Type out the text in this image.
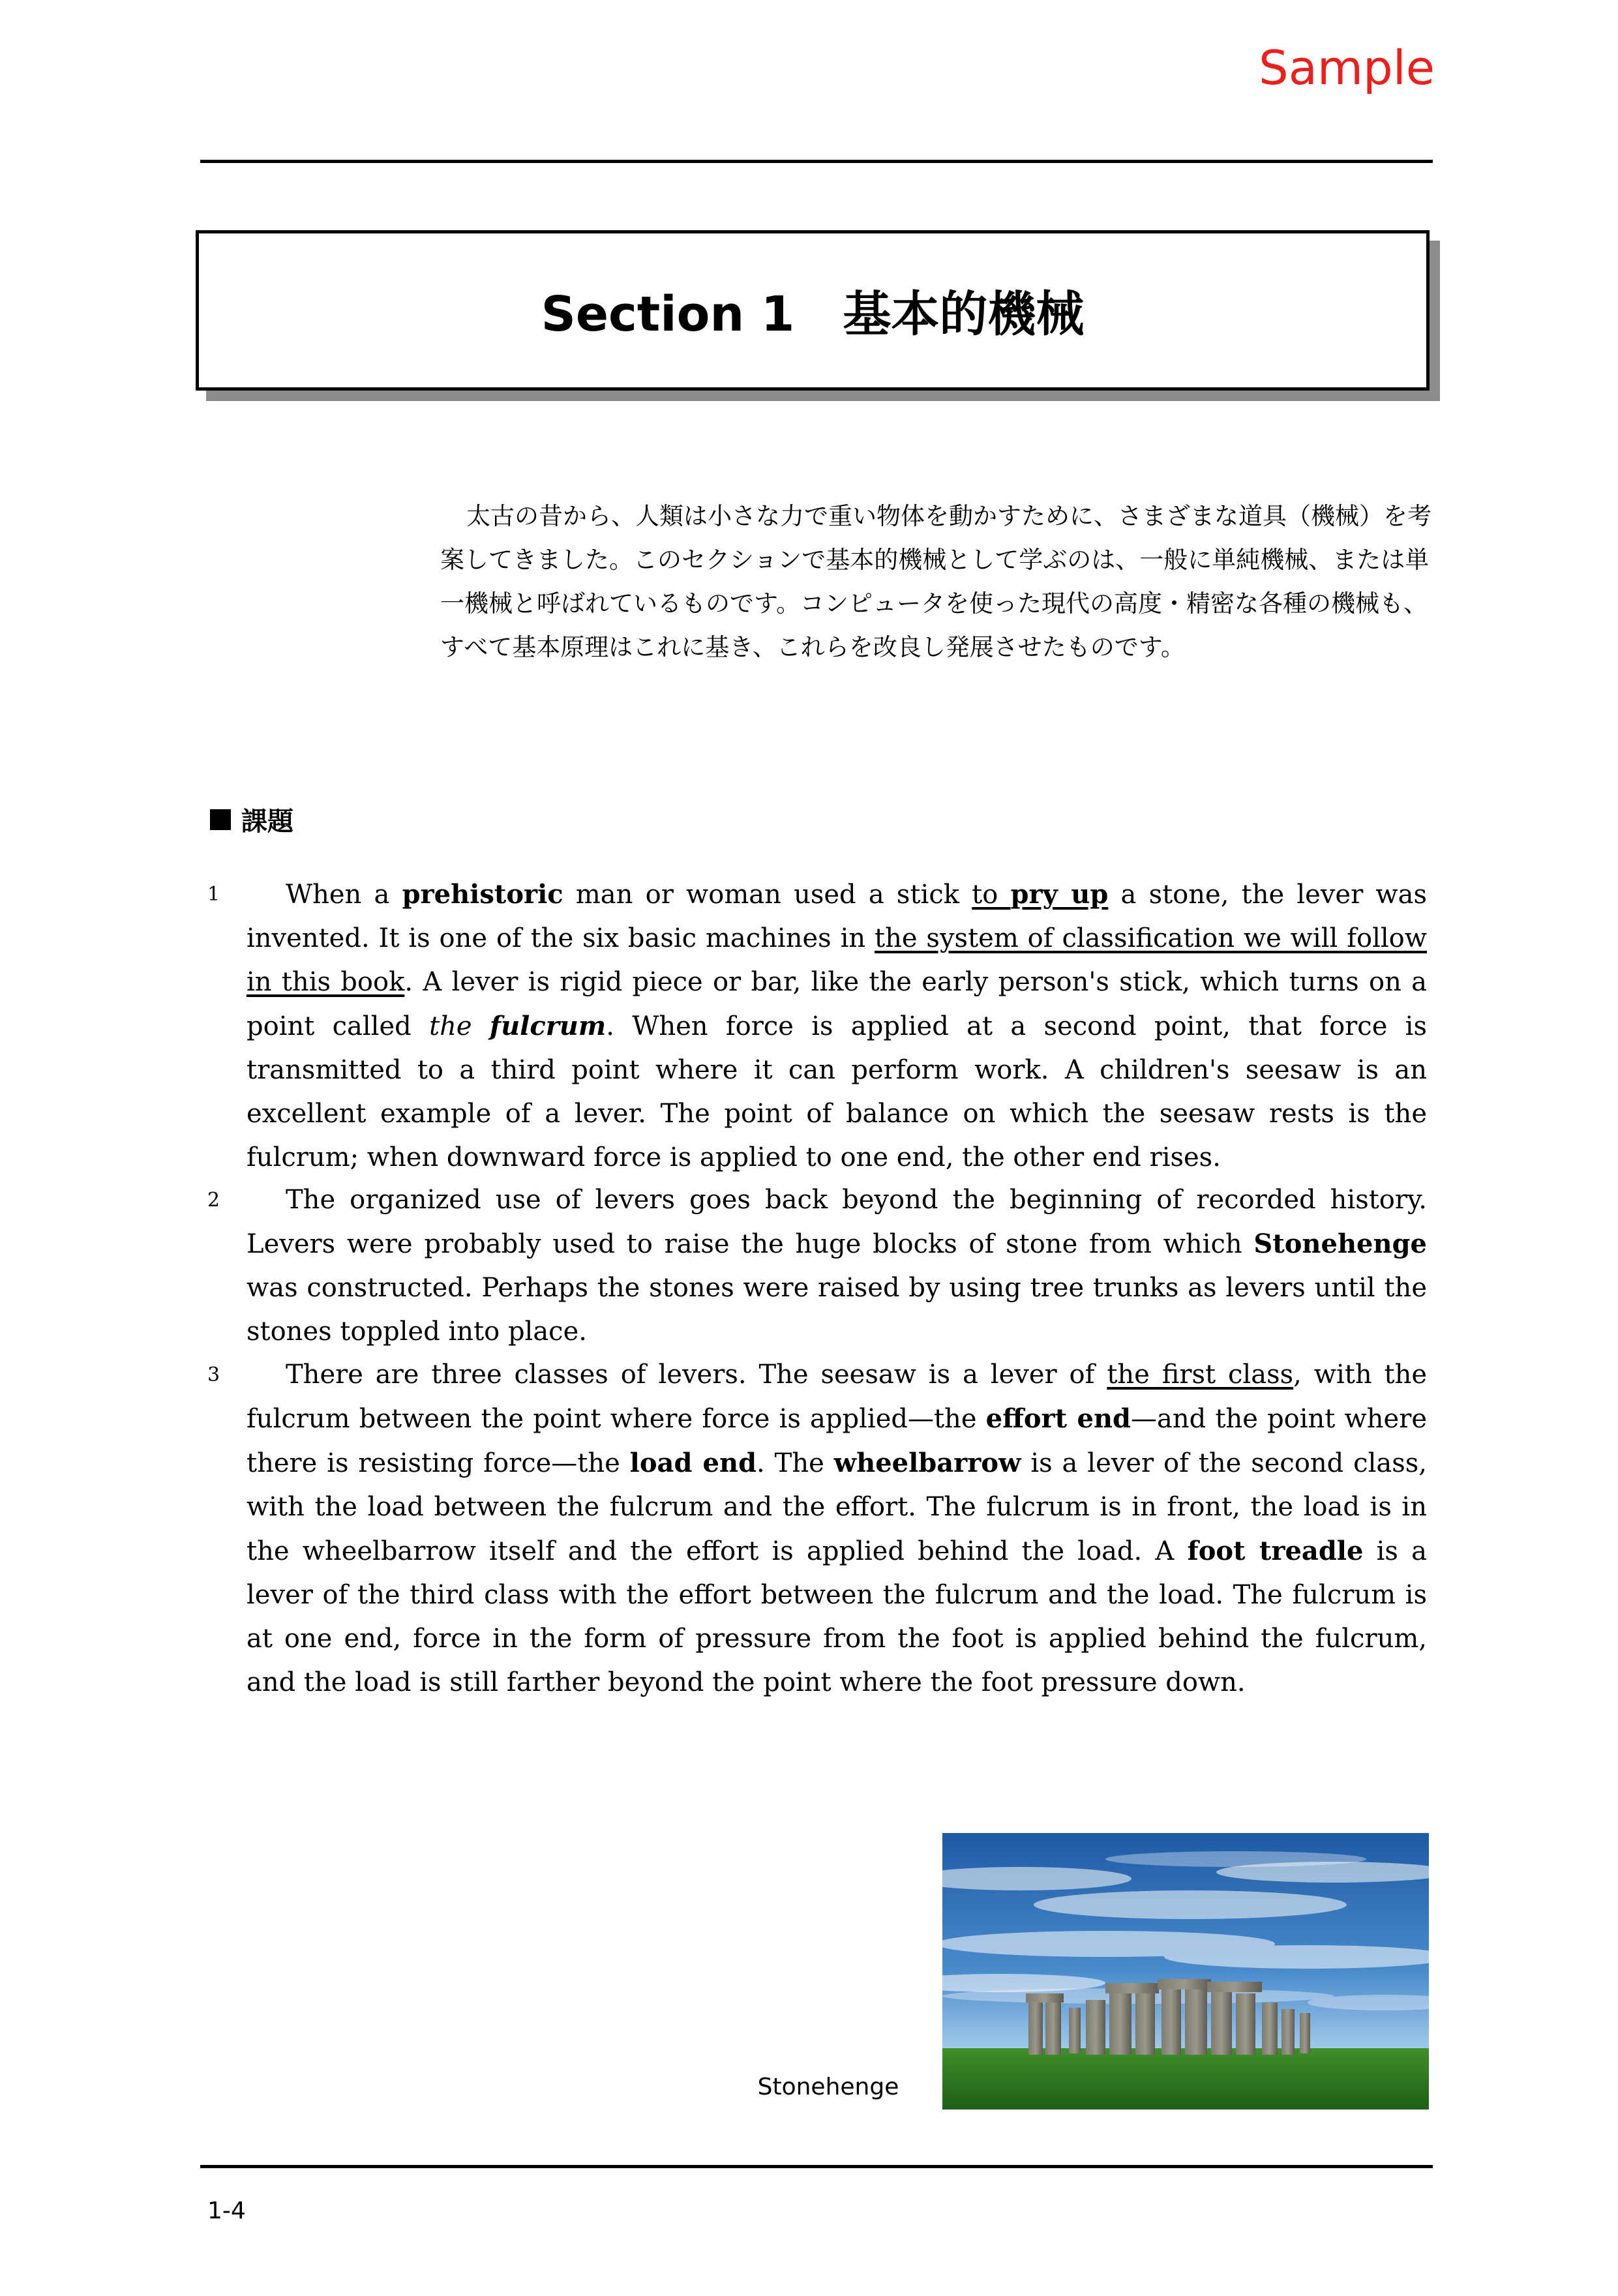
Sample
Section 1　基本的機械
太古の昔から、人類は小さな力で重い物体を動かすために、さまざまな道具（機械）を考案してきました。このセクションで基本的機械として学ぶのは、一般に単純機械、または単一機械と呼ばれているものです。コンピュータを使った現代の高度・精密な各種の機械も、すべて基本原理はこれに基き、これらを改良し発展させたものです。
課題
1	When a prehistoric man or woman used a stick to pry up a stone, the lever was invented. It is one of the six basic machines in the system of classification we will follow in this book. A lever is rigid piece or bar, like the early person's stick, which turns on a point called the fulcrum. When force is applied at a second point, that force is transmitted to a third point where it can perform work. A children's seesaw is an excellent example of a lever. The point of balance on which the seesaw rests is the fulcrum; when downward force is applied to one end, the other end rises.

2	The organized use of levers goes back beyond the beginning of recorded history. Levers were probably used to raise the huge blocks of stone from which Stonehenge was constructed. Perhaps the stones were raised by using tree trunks as levers until the stones toppled into place.

3	There are three classes of levers. The seesaw is a lever of the first class, with the fulcrum between the point where force is applied—the effort end—and the point where there is resisting force—the load end. The wheelbarrow is a lever of the second class, with the load between the fulcrum and the effort. The fulcrum is in front, the load is in the wheelbarrow itself and the effort is applied behind the load. A foot treadle is a lever of the third class with the effort between the fulcrum and the load. The fulcrum is at one end, force in the form of pressure from the foot is applied behind the fulcrum, and the load is still farther beyond the point where the foot pressure down.

Stonehenge
1-4
